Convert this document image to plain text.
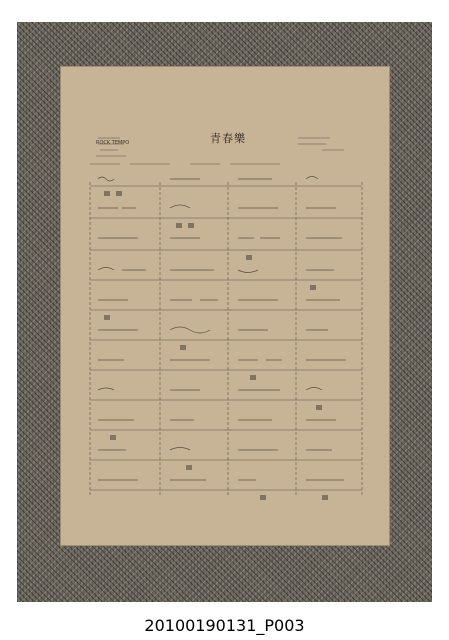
ROCK TEMPO	青春樂
20100190131_P003
